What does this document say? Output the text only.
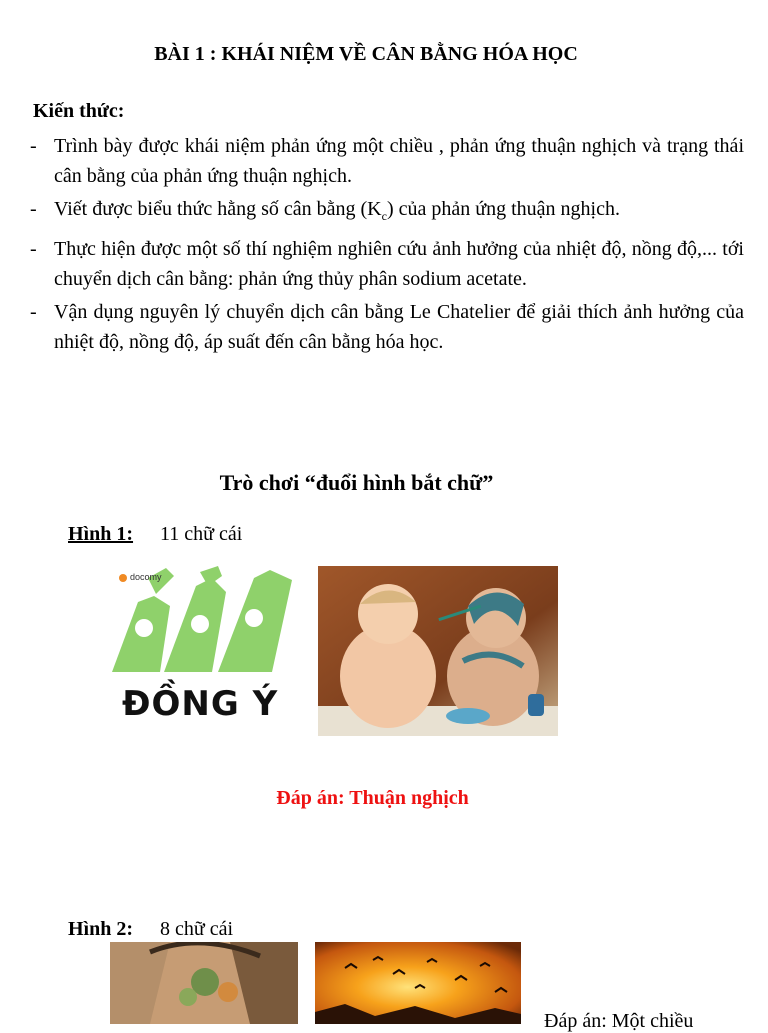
BÀI 1 : KHÁI NIỆM VỀ CÂN BẰNG HÓA HỌC
Kiến thức:
- Trình bày được khái niệm phản ứng một chiều , phản ứng thuận nghịch và trạng thái cân bằng của phản ứng thuận nghịch.
- Viết được biểu thức hằng số cân bằng $(K_c)$ của phản ứng thuận nghịch.
- Thực hiện được một số thí nghiệm nghiên cứu ảnh hưởng của nhiệt độ, nồng độ,... tới chuyển dịch cân bằng: phản ứng thủy phân sodium acetate.
- Vận dụng nguyên lý chuyển dịch cân bằng Le Chatelier để giải thích ảnh hưởng của nhiệt độ, nồng độ, áp suất đến cân bằng hóa học.
Trò chơi “đuổi hình bắt chữ”
Hình 1: 11 chữ cái
docomy
ĐỒNG Ý
Đáp án: Thuận nghịch
Hình 2: 8 chữ cái
Đáp án: Một chiều
